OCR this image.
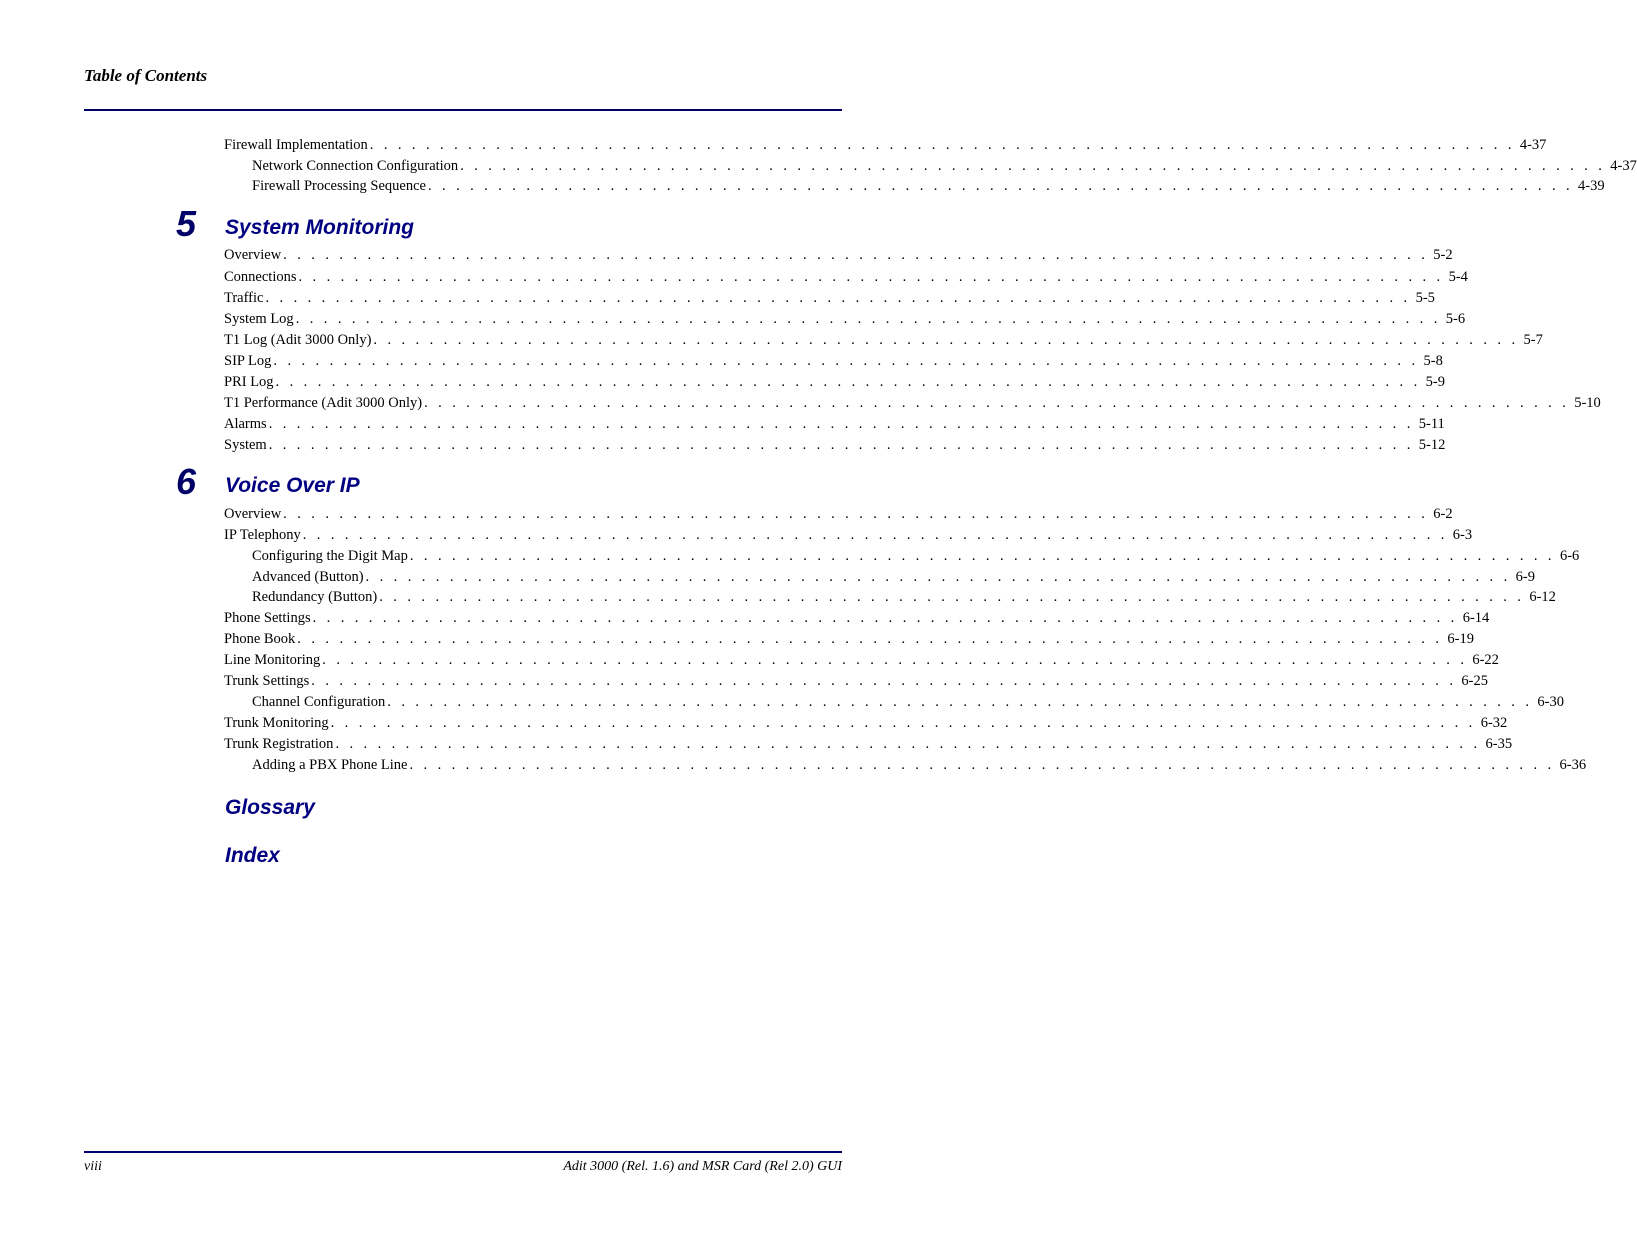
Table of Contents
Firewall Implementation . . . . . . . . . . . . . . . . . . . . . . . . . . . . . . . . . . . . . . . . . . . . . . . . . . . . . . . . . . . . . . . . . . . . . . . . . . . . . . . . . . 4-37
Network Connection Configuration . . . . . . . . . . . . . . . . . . . . . . . . . . . . . . . . . . . . . . . . . . . . . . . . . . . . . . . . . . . . . . . . . . . . . . . . . . . . . . . . . . 4-37
Firewall Processing Sequence . . . . . . . . . . . . . . . . . . . . . . . . . . . . . . . . . . . . . . . . . . . . . . . . . . . . . . . . . . . . . . . . . . . . . . . . . . . . . . . . . . 4-39
5 System Monitoring
Overview . . . . . . . . . . . . . . . . . . . . . . . . . . . . . . . . . . . . . . . . . . . . . . . . . . . . . . . . . . . . . . . . . . . . . . . . . . . . . . . . . . 5-2
Connections . . . . . . . . . . . . . . . . . . . . . . . . . . . . . . . . . . . . . . . . . . . . . . . . . . . . . . . . . . . . . . . . . . . . . . . . . . . . . . . . . . 5-4
Traffic . . . . . . . . . . . . . . . . . . . . . . . . . . . . . . . . . . . . . . . . . . . . . . . . . . . . . . . . . . . . . . . . . . . . . . . . . . . . . . . . . . 5-5
System Log . . . . . . . . . . . . . . . . . . . . . . . . . . . . . . . . . . . . . . . . . . . . . . . . . . . . . . . . . . . . . . . . . . . . . . . . . . . . . . . . . . 5-6
T1 Log (Adit 3000 Only) . . . . . . . . . . . . . . . . . . . . . . . . . . . . . . . . . . . . . . . . . . . . . . . . . . . . . . . . . . . . . . . . . . . . . . . . . . . . . . . . . . 5-7
SIP Log . . . . . . . . . . . . . . . . . . . . . . . . . . . . . . . . . . . . . . . . . . . . . . . . . . . . . . . . . . . . . . . . . . . . . . . . . . . . . . . . . . 5-8
PRI Log . . . . . . . . . . . . . . . . . . . . . . . . . . . . . . . . . . . . . . . . . . . . . . . . . . . . . . . . . . . . . . . . . . . . . . . . . . . . . . . . . . 5-9
T1 Performance (Adit 3000 Only) . . . . . . . . . . . . . . . . . . . . . . . . . . . . . . . . . . . . . . . . . . . . . . . . . . . . . . . . . . . . . . . . . . . . . . . . . . . . . . . . . . 5-10
Alarms . . . . . . . . . . . . . . . . . . . . . . . . . . . . . . . . . . . . . . . . . . . . . . . . . . . . . . . . . . . . . . . . . . . . . . . . . . . . . . . . . . 5-11
System . . . . . . . . . . . . . . . . . . . . . . . . . . . . . . . . . . . . . . . . . . . . . . . . . . . . . . . . . . . . . . . . . . . . . . . . . . . . . . . . . . 5-12
6 Voice Over IP
Overview . . . . . . . . . . . . . . . . . . . . . . . . . . . . . . . . . . . . . . . . . . . . . . . . . . . . . . . . . . . . . . . . . . . . . . . . . . . . . . . . . . 6-2
IP Telephony . . . . . . . . . . . . . . . . . . . . . . . . . . . . . . . . . . . . . . . . . . . . . . . . . . . . . . . . . . . . . . . . . . . . . . . . . . . . . . . . . . 6-3
Configuring the Digit Map . . . . . . . . . . . . . . . . . . . . . . . . . . . . . . . . . . . . . . . . . . . . . . . . . . . . . . . . . . . . . . . . . . . . . . . . . . . . . . . . . . 6-6
Advanced (Button) . . . . . . . . . . . . . . . . . . . . . . . . . . . . . . . . . . . . . . . . . . . . . . . . . . . . . . . . . . . . . . . . . . . . . . . . . . . . . . . . . . 6-9
Redundancy (Button) . . . . . . . . . . . . . . . . . . . . . . . . . . . . . . . . . . . . . . . . . . . . . . . . . . . . . . . . . . . . . . . . . . . . . . . . . . . . . . . . . . 6-12
Phone Settings . . . . . . . . . . . . . . . . . . . . . . . . . . . . . . . . . . . . . . . . . . . . . . . . . . . . . . . . . . . . . . . . . . . . . . . . . . . . . . . . . . 6-14
Phone Book . . . . . . . . . . . . . . . . . . . . . . . . . . . . . . . . . . . . . . . . . . . . . . . . . . . . . . . . . . . . . . . . . . . . . . . . . . . . . . . . . . 6-19
Line Monitoring . . . . . . . . . . . . . . . . . . . . . . . . . . . . . . . . . . . . . . . . . . . . . . . . . . . . . . . . . . . . . . . . . . . . . . . . . . . . . . . . . . 6-22
Trunk Settings . . . . . . . . . . . . . . . . . . . . . . . . . . . . . . . . . . . . . . . . . . . . . . . . . . . . . . . . . . . . . . . . . . . . . . . . . . . . . . . . . . 6-25
Channel Configuration . . . . . . . . . . . . . . . . . . . . . . . . . . . . . . . . . . . . . . . . . . . . . . . . . . . . . . . . . . . . . . . . . . . . . . . . . . . . . . . . . . 6-30
Trunk Monitoring . . . . . . . . . . . . . . . . . . . . . . . . . . . . . . . . . . . . . . . . . . . . . . . . . . . . . . . . . . . . . . . . . . . . . . . . . . . . . . . . . . 6-32
Trunk Registration . . . . . . . . . . . . . . . . . . . . . . . . . . . . . . . . . . . . . . . . . . . . . . . . . . . . . . . . . . . . . . . . . . . . . . . . . . . . . . . . . . 6-35
Adding a PBX Phone Line . . . . . . . . . . . . . . . . . . . . . . . . . . . . . . . . . . . . . . . . . . . . . . . . . . . . . . . . . . . . . . . . . . . . . . . . . . . . . . . . . . 6-36
Glossary
Index
viii	Adit 3000 (Rel. 1.6) and MSR Card (Rel 2.0) GUI
